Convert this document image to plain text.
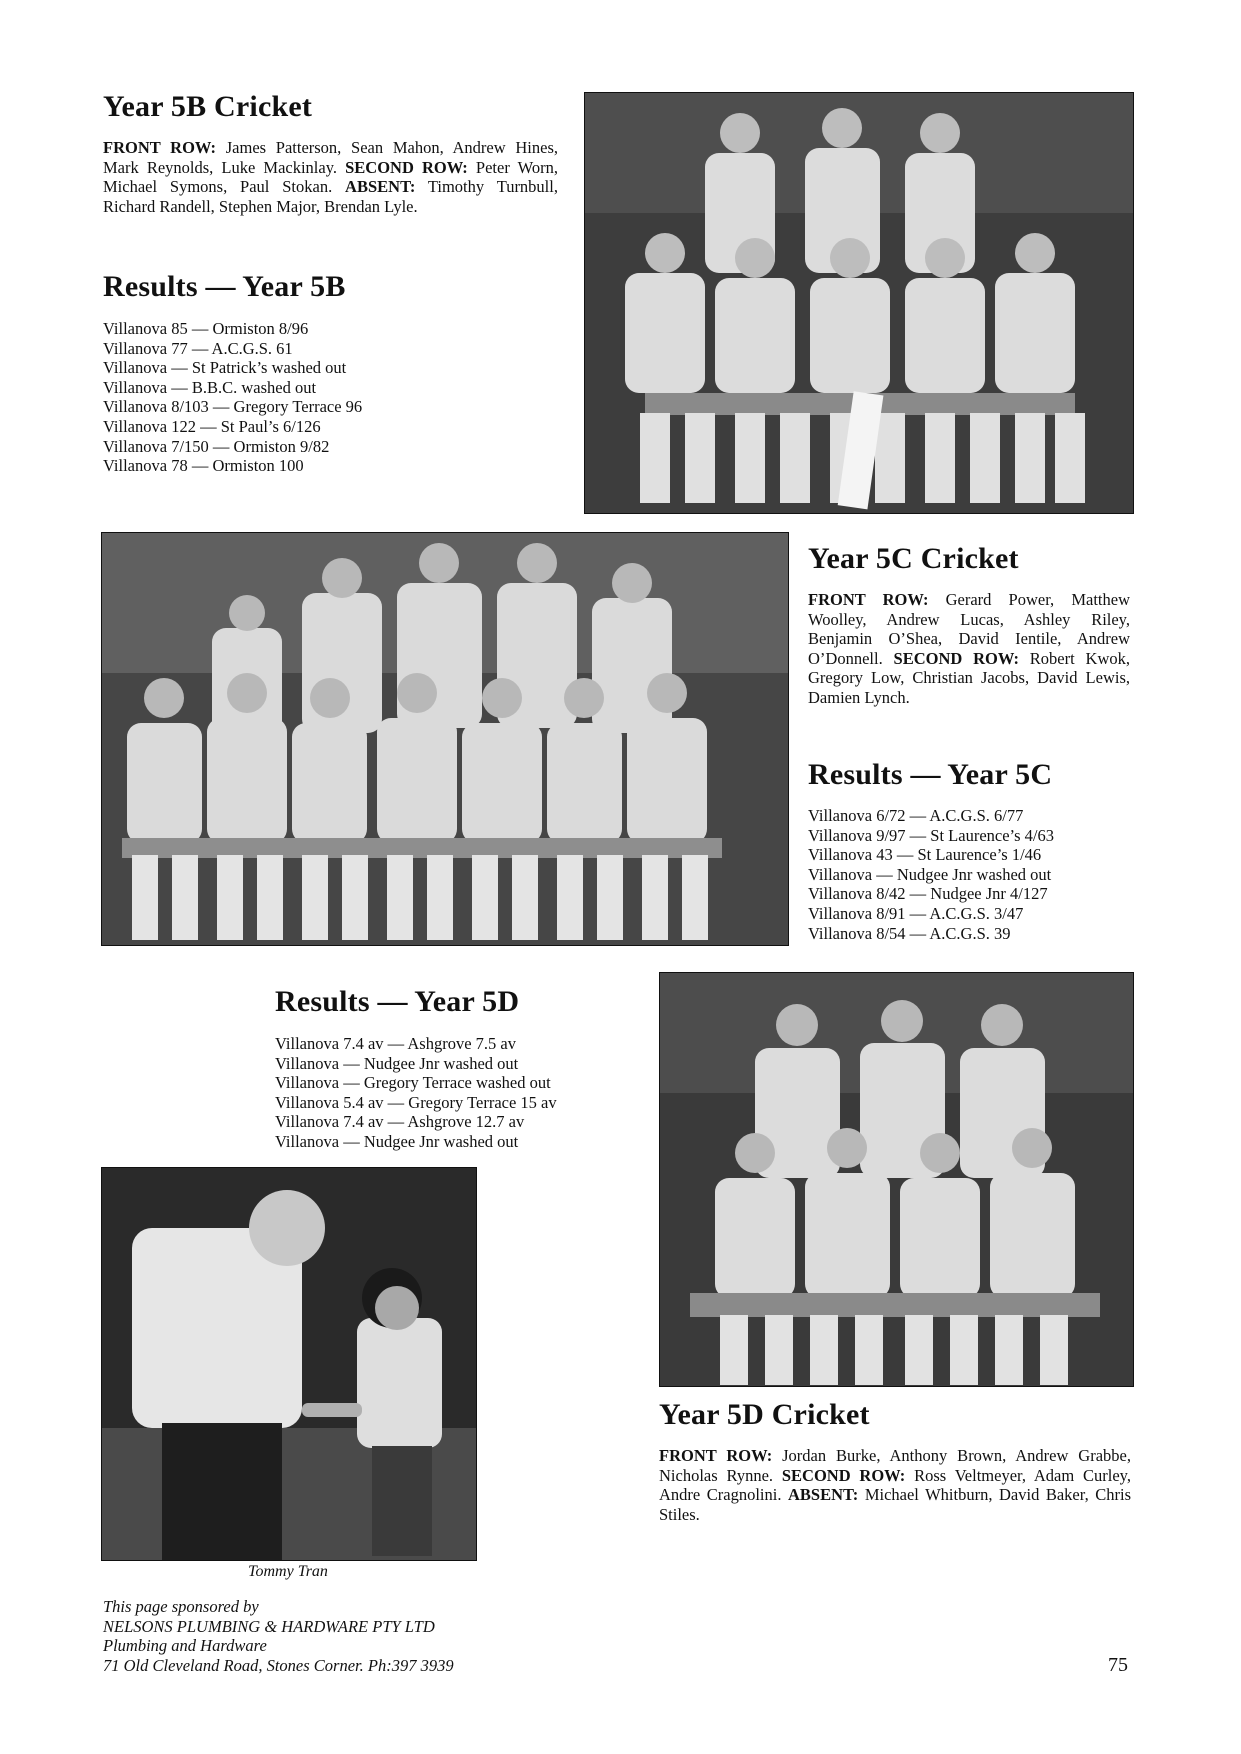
Year 5B Cricket
FRONT ROW: James Patterson, Sean Mahon, Andrew Hines, Mark Reynolds, Luke Mackinlay. SECOND ROW: Peter Worn, Michael Symons, Paul Stokan. ABSENT: Timothy Turnbull, Richard Randell, Stephen Major, Brendan Lyle.
Results — Year 5B
Villanova 85 — Ormiston 8/96
Villanova 77 — A.C.G.S. 61
Villanova — St Patrick’s washed out
Villanova — B.B.C. washed out
Villanova 8/103 — Gregory Terrace 96
Villanova 122 — St Paul’s 6/126
Villanova 7/150 — Ormiston 9/82
Villanova 78 — Ormiston 100
Year 5C Cricket
FRONT ROW: Gerard Power, Matthew Woolley, Andrew Lucas, Ashley Riley, Benjamin O’Shea, David Ientile, Andrew O’Donnell. SECOND ROW: Robert Kwok, Gregory Low, Christian Jacobs, David Lewis, Damien Lynch.
Results — Year 5C
Villanova 6/72 — A.C.G.S. 6/77
Villanova 9/97 — St Laurence’s 4/63
Villanova 43 — St Laurence’s 1/46
Villanova — Nudgee Jnr washed out
Villanova 8/42 — Nudgee Jnr 4/127
Villanova 8/91 — A.C.G.S. 3/47
Villanova 8/54 — A.C.G.S. 39
Results — Year 5D
Villanova 7.4 av — Ashgrove 7.5 av
Villanova — Nudgee Jnr washed out
Villanova — Gregory Terrace washed out
Villanova 5.4 av — Gregory Terrace 15 av
Villanova 7.4 av — Ashgrove 12.7 av
Villanova — Nudgee Jnr washed out
Year 5D Cricket
FRONT ROW: Jordan Burke, Anthony Brown, Andrew Grabbe, Nicholas Rynne. SECOND ROW: Ross Veltmeyer, Adam Curley, Andre Cragnolini. ABSENT: Michael Whitburn, David Baker, Chris Stiles.
Tommy Tran
This page sponsored by
NELSONS PLUMBING & HARDWARE PTY LTD
Plumbing and Hardware
71 Old Cleveland Road, Stones Corner. Ph:397 3939	75
